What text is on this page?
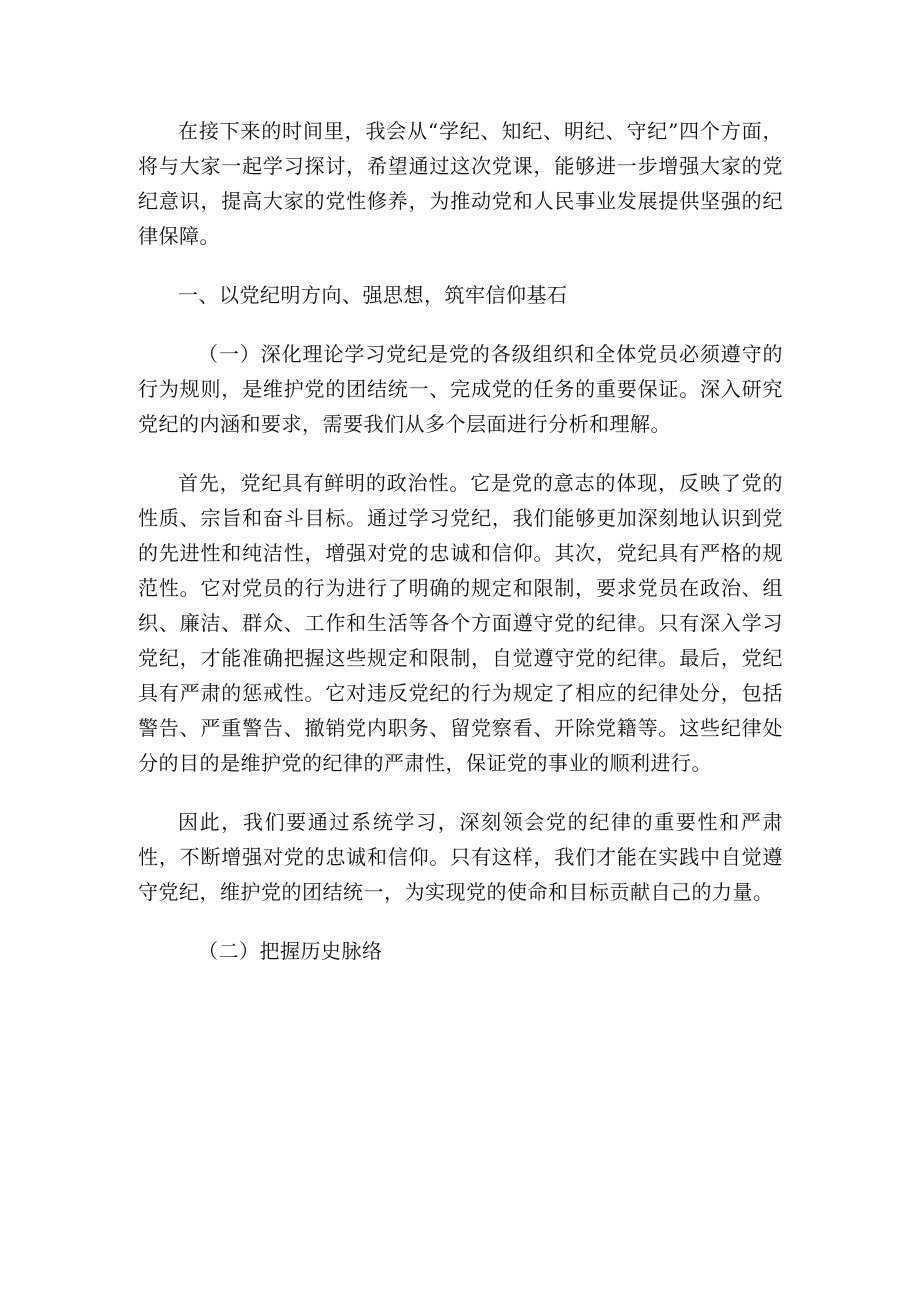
在接下来的时间里，我会从“学纪、知纪、明纪、守纪”四个方面，将与大家一起学习探讨，希望通过这次党课，能够进一步增强大家的党纪意识，提高大家的党性修养，为推动党和人民事业发展提供坚强的纪律保障。

一、以党纪明方向、强思想，筑牢信仰基石

（一）深化理论学习党纪是党的各级组织和全体党员必须遵守的行为规则，是维护党的团结统一、完成党的任务的重要保证。深入研究党纪的内涵和要求，需要我们从多个层面进行分析和理解。

首先，党纪具有鲜明的政治性。它是党的意志的体现，反映了党的性质、宗旨和奋斗目标。通过学习党纪，我们能够更加深刻地认识到党的先进性和纯洁性，增强对党的忠诚和信仰。其次，党纪具有严格的规范性。它对党员的行为进行了明确的规定和限制，要求党员在政治、组织、廉洁、群众、工作和生活等各个方面遵守党的纪律。只有深入学习党纪，才能准确把握这些规定和限制，自觉遵守党的纪律。最后，党纪具有严肃的惩戒性。它对违反党纪的行为规定了相应的纪律处分，包括警告、严重警告、撤销党内职务、留党察看、开除党籍等。这些纪律处分的目的是维护党的纪律的严肃性，保证党的事业的顺利进行。

因此，我们要通过系统学习，深刻领会党的纪律的重要性和严肃性，不断增强对党的忠诚和信仰。只有这样，我们才能在实践中自觉遵守党纪，维护党的团结统一，为实现党的使命和目标贡献自己的力量。

（二）把握历史脉络
